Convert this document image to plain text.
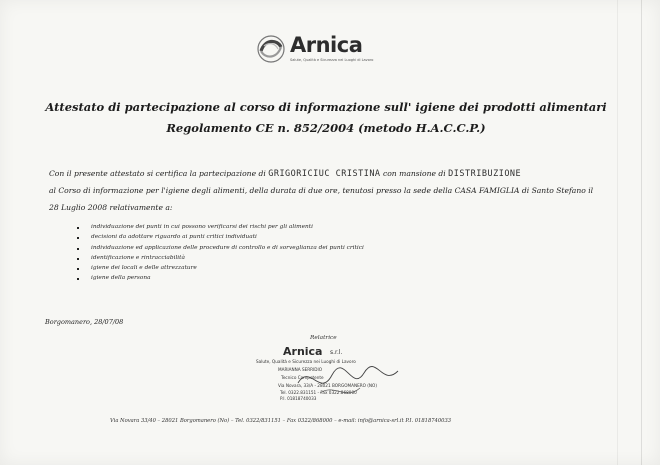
Arnica
Salute, Qualità e Sicurezza nei Luoghi di Lavoro
Attestato di partecipazione al corso di informazione sull' igiene dei prodotti alimentari
Regolamento CE n. 852/2004 (metodo H.A.C.C.P.)
Con il presente attestato si certifica la partecipazione di GRIGORICIUC CRISTINA con mansione di DISTRIBUZIONE
al Corso di informazione per l'igiene degli alimenti, della durata di due ore, tenutosi presso la sede della CASA FAMIGLIA di Santo Stefano il
28 Luglio 2008 relativamente a:
individuazione dei punti in cui possono verificarsi dei rischi per gli alimenti
decisioni da adottare riguardo ai punti critici individuati
individuazione ed applicazione delle procedure di controllo e di sorveglianza dei punti critici
identificazione e rintracciabilità
igiene dei locali e delle attrezzature
igiene della persona
Borgomanero, 28/07/08
Relatrice
Arnica s.r.l.
Salute, Qualità e Sicurezza nei Luoghi di Lavoro
MARIANNA SERRIDIO
Tecnico Competente
Via Novara, 33/A - 28021 BORGOMANERO (NO)
Tel. 0322.831151 - Fax 0322.868000
P.I. 01818740033
Via Novara 33/40 – 28021 Borgomanero (No) – Tel. 0322/831151 – Fax 0322/868000 – e-mail: info@arnica-srl.it P.I. 01818740033
